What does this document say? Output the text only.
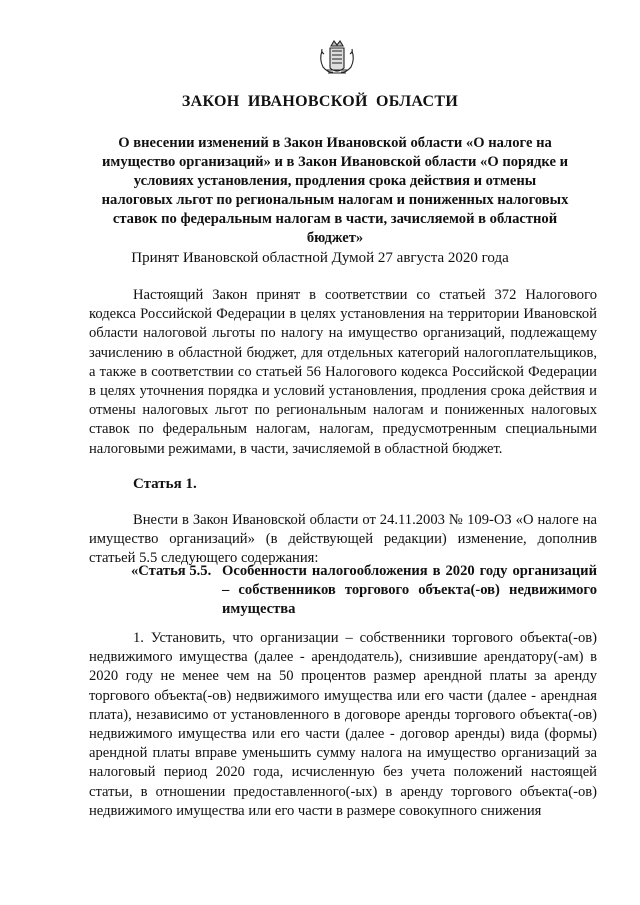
ЗАКОН ИВАНОВСКОЙ ОБЛАСТИ
О внесении изменений в Закон Ивановской области «О налоге на имущество организаций» и в Закон Ивановской области «О порядке и условиях установления, продления срока действия и отмены налоговых льгот по региональным налогам и пониженных налоговых ставок по федеральным налогам в части, зачисляемой в областной бюджет»
Принят Ивановской областной Думой 27 августа 2020 года

Настоящий Закон принят в соответствии со статьей 372 Налогового кодекса Российской Федерации в целях установления на территории Ивановской области налоговой льготы по налогу на имущество организаций, подлежащему зачислению в областной бюджет, для отдельных категорий налогоплательщиков, а также в соответствии со статьей 56 Налогового кодекса Российской Федерации в целях уточнения порядка и условий установления, продления срока действия и отмены налоговых льгот по региональным налогам и пониженных налоговых ставок по федеральным налогам, налогам, предусмотренным специальными налоговыми режимами, в части, зачисляемой в областной бюджет.

Статья 1.

Внести в Закон Ивановской области от 24.11.2003 № 109-ОЗ «О налоге на имущество организаций» (в действующей редакции) изменение, дополнив статьей 5.5 следующего содержания:

«Статья 5.5. Особенности налогообложения в 2020 году организаций – собственников торгового объекта(-ов) недвижимого имущества

1. Установить, что организации – собственники торгового объекта(-ов) недвижимого имущества (далее - арендодатель), снизившие арендатору(-ам) в 2020 году не менее чем на 50 процентов размер арендной платы за аренду торгового объекта(-ов) недвижимого имущества или его части (далее - арендная плата), независимо от установленного в договоре аренды торгового объекта(-ов) недвижимого имущества или его части (далее - договор аренды) вида (формы) арендной платы вправе уменьшить сумму налога на имущество организаций за налоговый период 2020 года, исчисленную без учета положений настоящей статьи, в отношении предоставленного(-ых) в аренду торгового объекта(-ов) недвижимого имущества или его части в размере совокупного снижения
